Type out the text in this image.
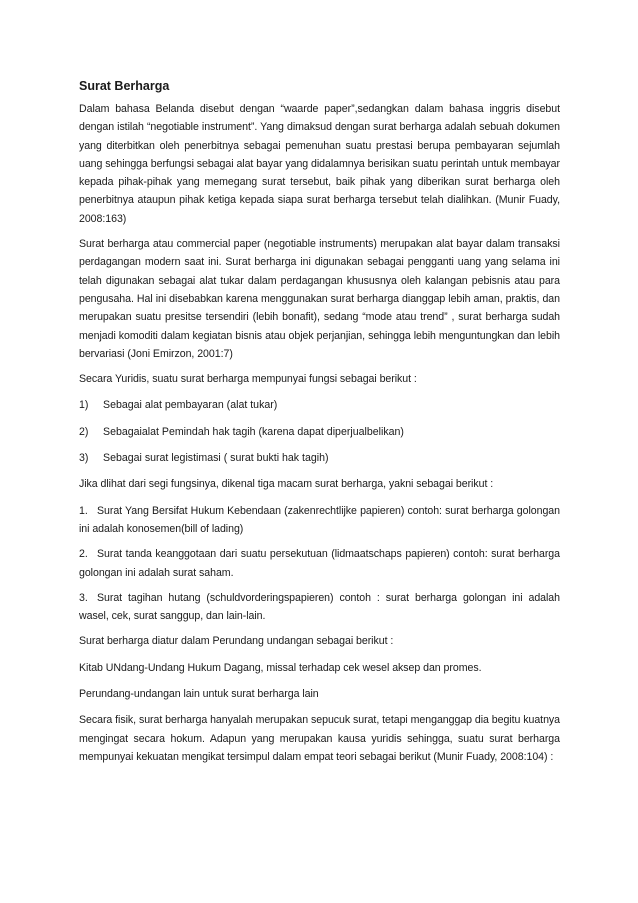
Surat Berharga

Dalam bahasa Belanda disebut dengan “waarde paper”,sedangkan dalam bahasa inggris disebut dengan istilah “negotiable instrument”. Yang dimaksud dengan surat berharga adalah sebuah dokumen yang diterbitkan oleh penerbitnya sebagai pemenuhan suatu prestasi berupa pembayaran sejumlah uang sehingga berfungsi sebagai alat bayar yang didalamnya berisikan suatu perintah untuk membayar kepada pihak-pihak yang memegang surat tersebut, baik pihak yang diberikan surat berharga oleh penerbitnya ataupun pihak ketiga kepada siapa surat berharga tersebut telah dialihkan. (Munir Fuady, 2008:163)

Surat berharga atau commercial paper (negotiable instruments) merupakan alat bayar dalam transaksi perdagangan modern saat ini. Surat berharga ini digunakan sebagai pengganti uang yang selama ini telah digunakan sebagai alat tukar dalam perdagangan khususnya oleh kalangan pebisnis atau para pengusaha. Hal ini disebabkan karena menggunakan surat berharga dianggap lebih aman, praktis, dan merupakan suatu presitse tersendiri (lebih bonafit), sedang “mode atau trend” , surat berharga sudah menjadi komoditi dalam kegiatan bisnis atau objek perjanjian, sehingga lebih menguntungkan dan lebih bervariasi (Joni Emirzon, 2001:7)

Secara Yuridis, suatu surat berharga mempunyai fungsi sebagai berikut :

1)	Sebagai alat pembayaran (alat tukar)
2)	Sebagaialat Pemindah hak tagih (karena dapat diperjualbelikan)
3)	Sebagai surat legistimasi ( surat bukti hak tagih)

Jika dlihat dari segi fungsinya, dikenal tiga macam surat berharga, yakni sebagai berikut :

1. Surat Yang Bersifat Hukum Kebendaan (zakenrechtlijke papieren) contoh: surat berharga golongan ini adalah konosemen(bill of lading)

2. Surat tanda keanggotaan dari suatu persekutuan (lidmaatschaps papieren) contoh: surat berharga golongan ini adalah surat saham.

3. Surat tagihan hutang (schuldvorderingspapieren) contoh : surat berharga golongan ini adalah wasel, cek, surat sanggup, dan lain-lain.

Surat berharga diatur dalam Perundang undangan sebagai berikut :

Kitab UNdang-Undang Hukum Dagang, missal terhadap cek wesel aksep dan promes.

Perundang-undangan lain untuk surat berharga lain

Secara fisik, surat berharga hanyalah merupakan sepucuk surat, tetapi menganggap dia begitu kuatnya mengingat secara hokum. Adapun yang merupakan kausa yuridis sehingga, suatu surat berharga mempunyai kekuatan mengikat tersimpul dalam empat teori sebagai berikut (Munir Fuady, 2008:104) :
